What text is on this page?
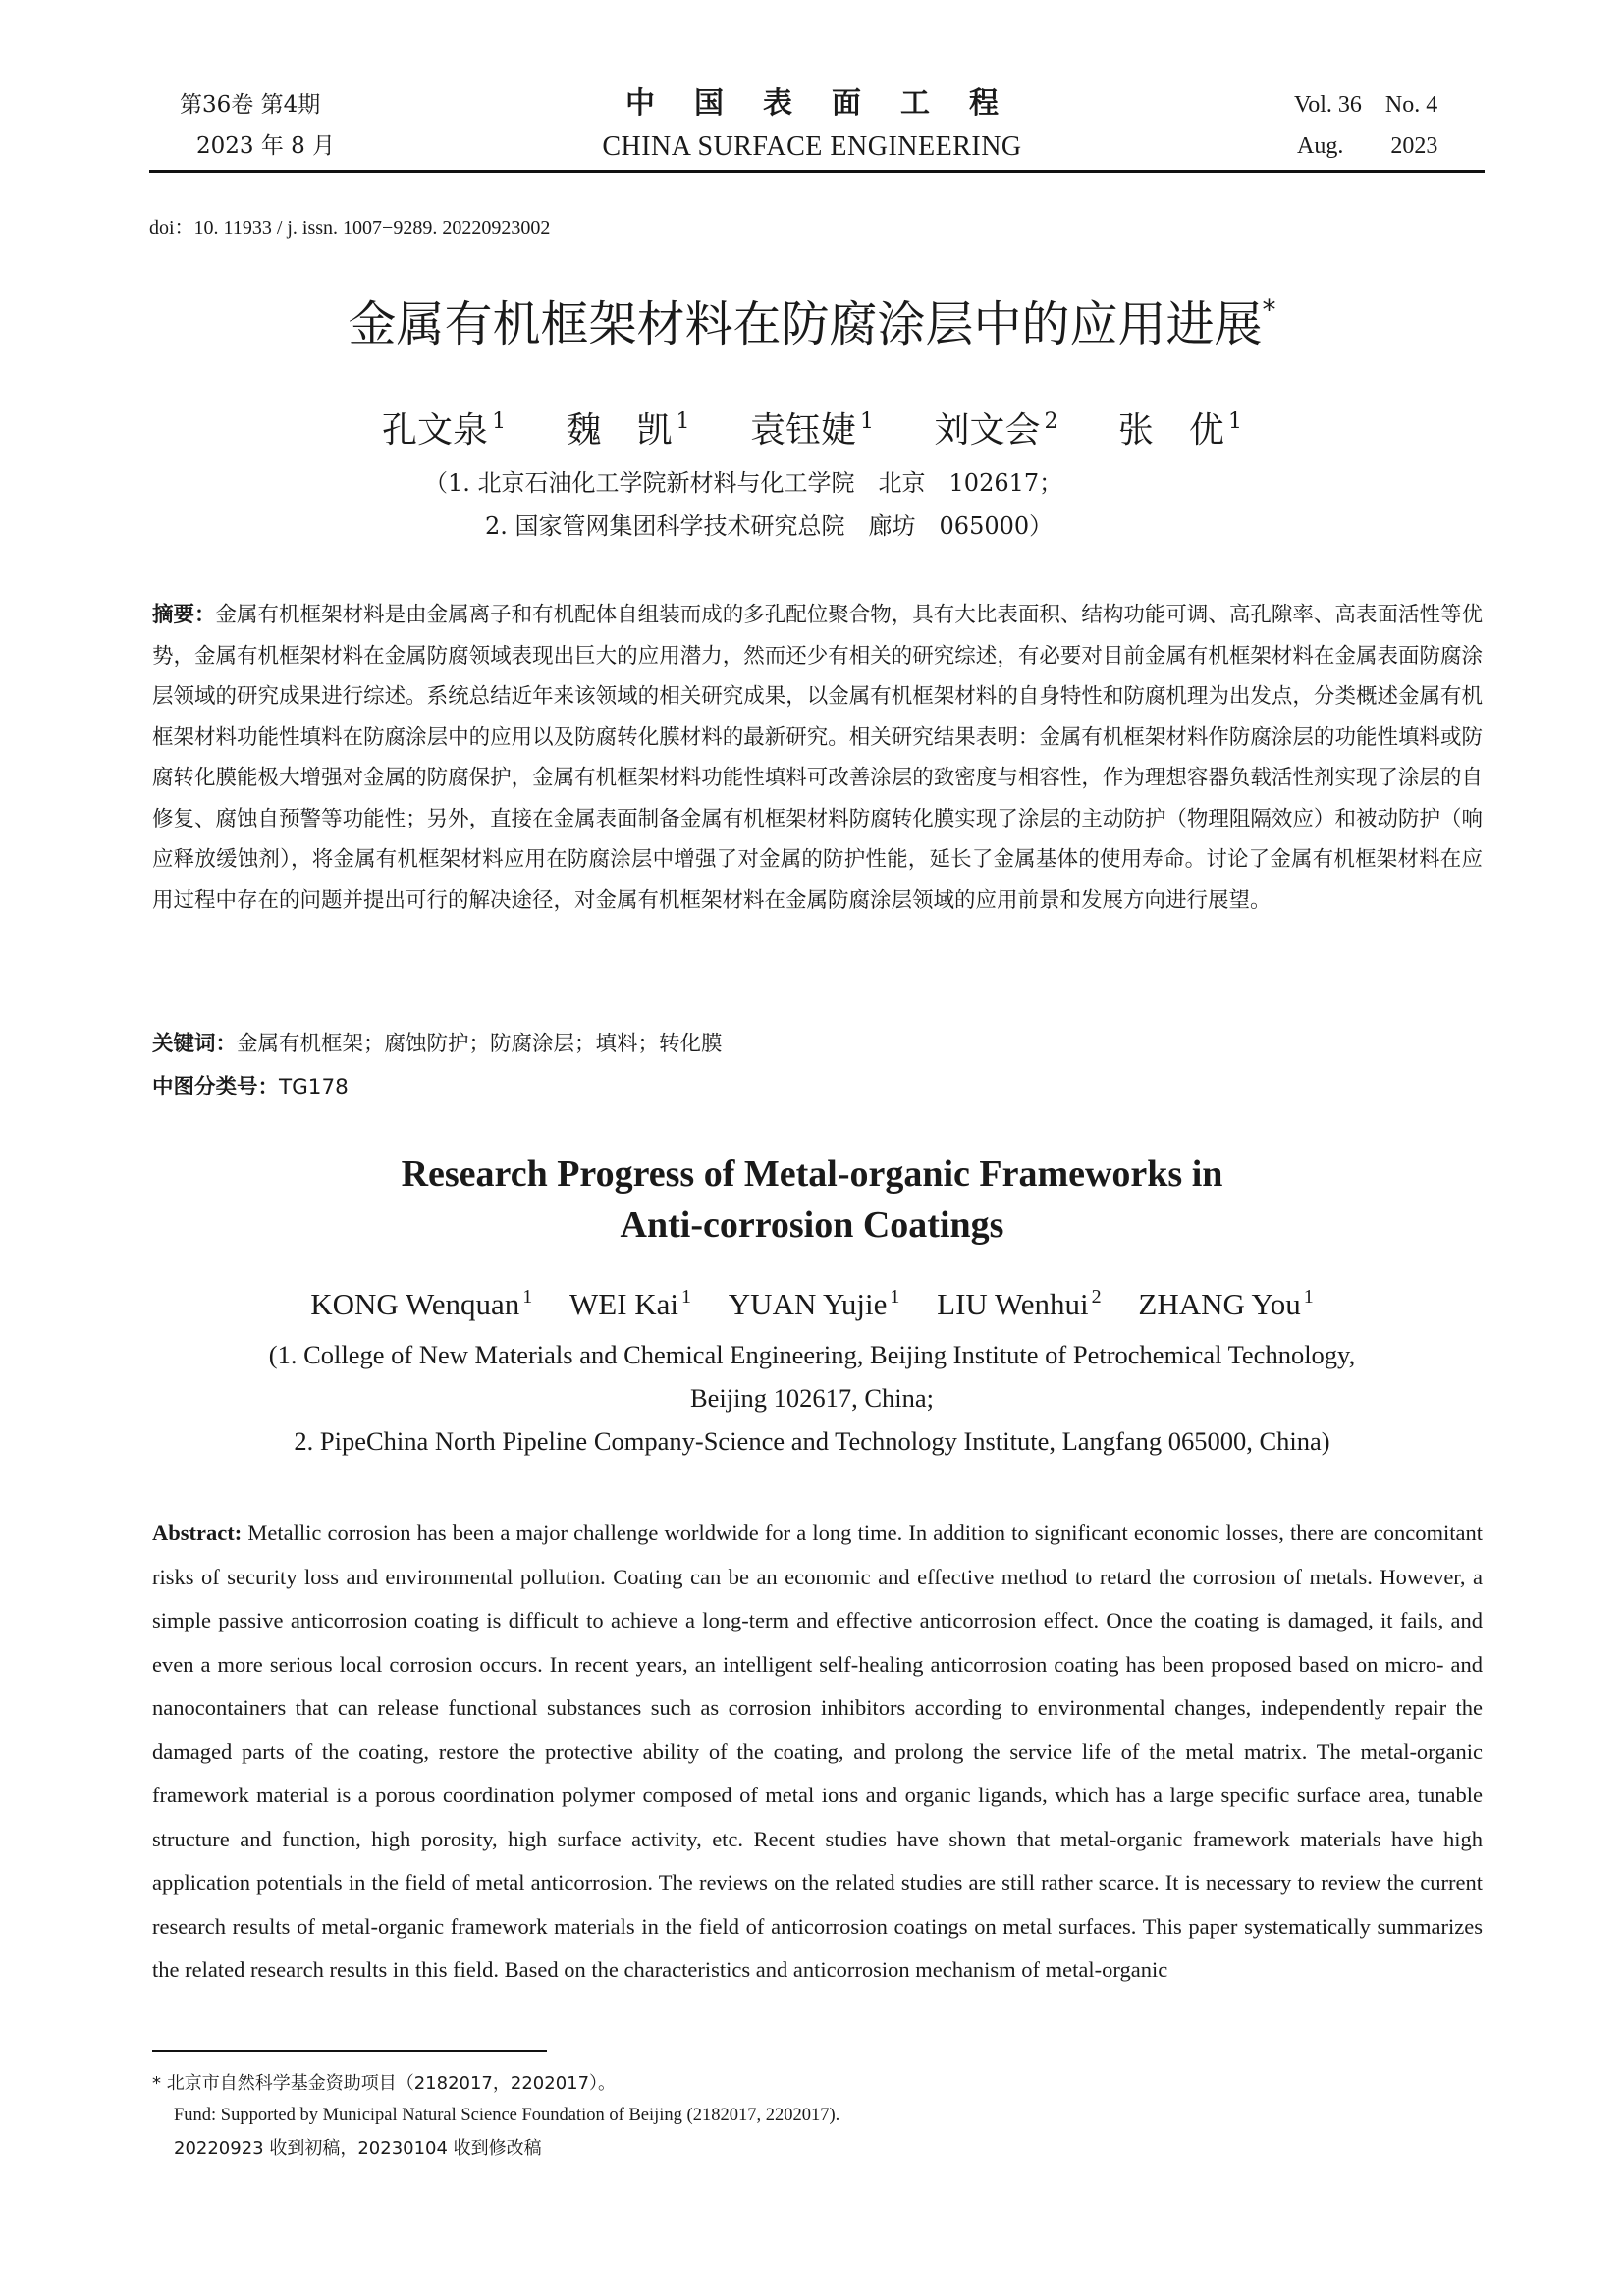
第36卷 第4期
2023 年 8 月
中国表面工程
CHINA SURFACE ENGINEERING
Vol. 36    No. 4
Aug.        2023
doi：10. 11933 / j. issn. 1007−9289. 20220923002
金属有机框架材料在防腐涂层中的应用进展*
孔文泉 $^1$ 魏　凯 $^1$ 袁钰婕 $^1$ 刘文会 $^2$ 张　优 $^1$
（1. 北京石油化工学院新材料与化工学院　北京　102617；
2. 国家管网集团科学技术研究总院　廊坊　065000）
摘要：金属有机框架材料是由金属离子和有机配体自组装而成的多孔配位聚合物，具有大比表面积、结构功能可调、高孔隙率、高表面活性等优势，金属有机框架材料在金属防腐领域表现出巨大的应用潜力，然而还少有相关的研究综述，有必要对目前金属有机框架材料在金属表面防腐涂层领域的研究成果进行综述。系统总结近年来该领域的相关研究成果，以金属有机框架材料的自身特性和防腐机理为出发点，分类概述金属有机框架材料功能性填料在防腐涂层中的应用以及防腐转化膜材料的最新研究。相关研究结果表明：金属有机框架材料作防腐涂层的功能性填料或防腐转化膜能极大增强对金属的防腐保护，金属有机框架材料功能性填料可改善涂层的致密度与相容性，作为理想容器负载活性剂实现了涂层的自修复、腐蚀自预警等功能性；另外，直接在金属表面制备金属有机框架材料防腐转化膜实现了涂层的主动防护（物理阻隔效应）和被动防护（响应释放缓蚀剂），将金属有机框架材料应用在防腐涂层中增强了对金属的防护性能，延长了金属基体的使用寿命。讨论了金属有机框架材料在应用过程中存在的问题并提出可行的解决途径，对金属有机框架材料在金属防腐涂层领域的应用前景和发展方向进行展望。
关键词：金属有机框架；腐蚀防护；防腐涂层；填料；转化膜
中图分类号：TG178
Research Progress of Metal-organic Frameworks in
Anti-corrosion Coatings
KONG Wenquan $^1$ WEI Kai $^1$ YUAN Yujie $^1$ LIU Wenhui $^2$ ZHANG You $^1$
(1. College of New Materials and Chemical Engineering, Beijing Institute of Petrochemical Technology,
Beijing 102617, China;
2. PipeChina North Pipeline Company-Science and Technology Institute, Langfang 065000, China)
Abstract: Metallic corrosion has been a major challenge worldwide for a long time. In addition to significant economic losses, there are concomitant risks of security loss and environmental pollution. Coating can be an economic and effective method to retard the corrosion of metals. However, a simple passive anticorrosion coating is difficult to achieve a long-term and effective anticorrosion effect. Once the coating is damaged, it fails, and even a more serious local corrosion occurs. In recent years, an intelligent self-healing anticorrosion coating has been proposed based on micro- and nanocontainers that can release functional substances such as corrosion inhibitors according to environmental changes, independently repair the damaged parts of the coating, restore the protective ability of the coating, and prolong the service life of the metal matrix. The metal-organic framework material is a porous coordination polymer composed of metal ions and organic ligands, which has a large specific surface area, tunable structure and function, high porosity, high surface activity, etc. Recent studies have shown that metal-organic framework materials have high application potentials in the field of metal anticorrosion. The reviews on the related studies are still rather scarce. It is necessary to review the current research results of metal-organic framework materials in the field of anticorrosion coatings on metal surfaces. This paper systematically summarizes the related research results in this field. Based on the characteristics and anticorrosion mechanism of metal-organic
* 北京市自然科学基金资助项目（2182017，2202017）。
Fund: Supported by Municipal Natural Science Foundation of Beijing (2182017, 2202017).
20220923 收到初稿，20230104 收到修改稿
